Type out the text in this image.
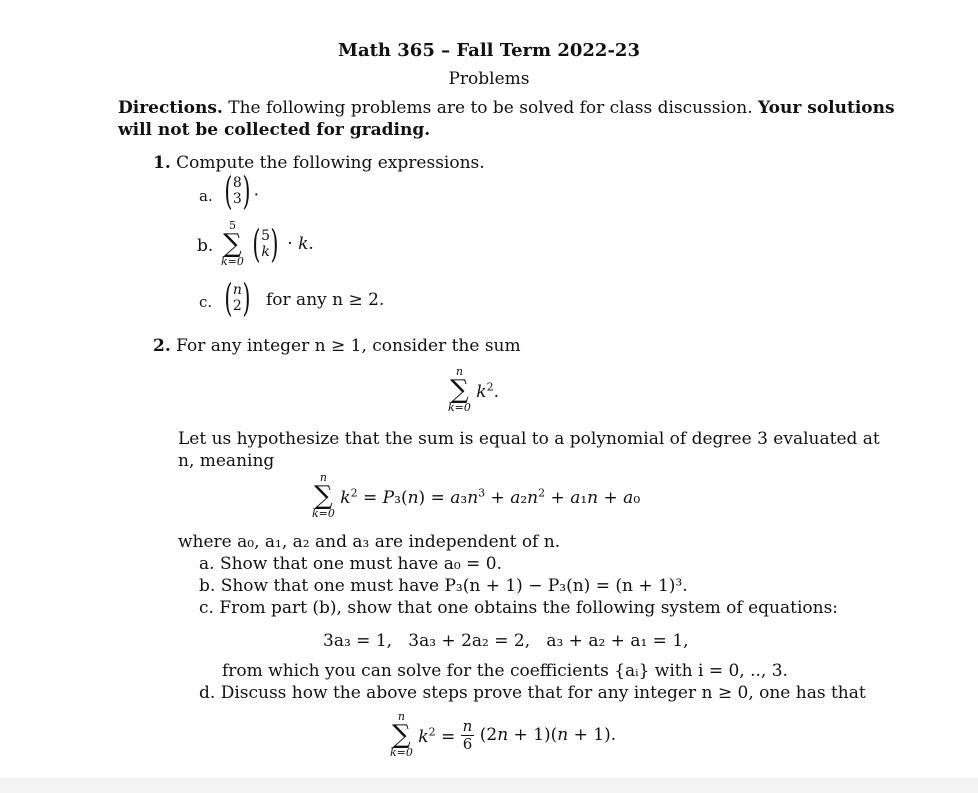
Math 365 – Fall Term 2022-23
Problems
Directions. The following problems are to be solved for class discussion. Your solutions
will not be collected for grading.
1. Compute the following expressions.
a. ( 8
3 ) .
b.
5
∑
k=0
( 5
k ) · k.
c. ( n
2 ) for any n ≥ 2.
2. For any integer n ≥ 1, consider the sum
n
∑
k=0
$k^2$.
Let us hypothesize that the sum is equal to a polynomial of degree 3 evaluated at
n, meaning
n
∑
k=0
$k^2 = P_3(n) = a_3n^3 + a_2n^2 + a_1n + a_0$
where a₀, a₁, a₂ and a₃ are independent of n.
a. Show that one must have a₀ = 0.
b. Show that one must have P₃(n + 1) − P₃(n) = (n + 1)³.
c. From part (b), show that one obtains the following system of equations:
3a₃ = 1,   3a₃ + 2a₂ = 2,   a₃ + a₂ + a₁ = 1,
from which you can solve for the coefficients {aᵢ} with i = 0, .., 3.
d. Discuss how the above steps prove that for any integer n ≥ 0, one has that
n
∑
k=0
$k^2 = \frac{n}{6} (2n + 1)(n + 1)$.
